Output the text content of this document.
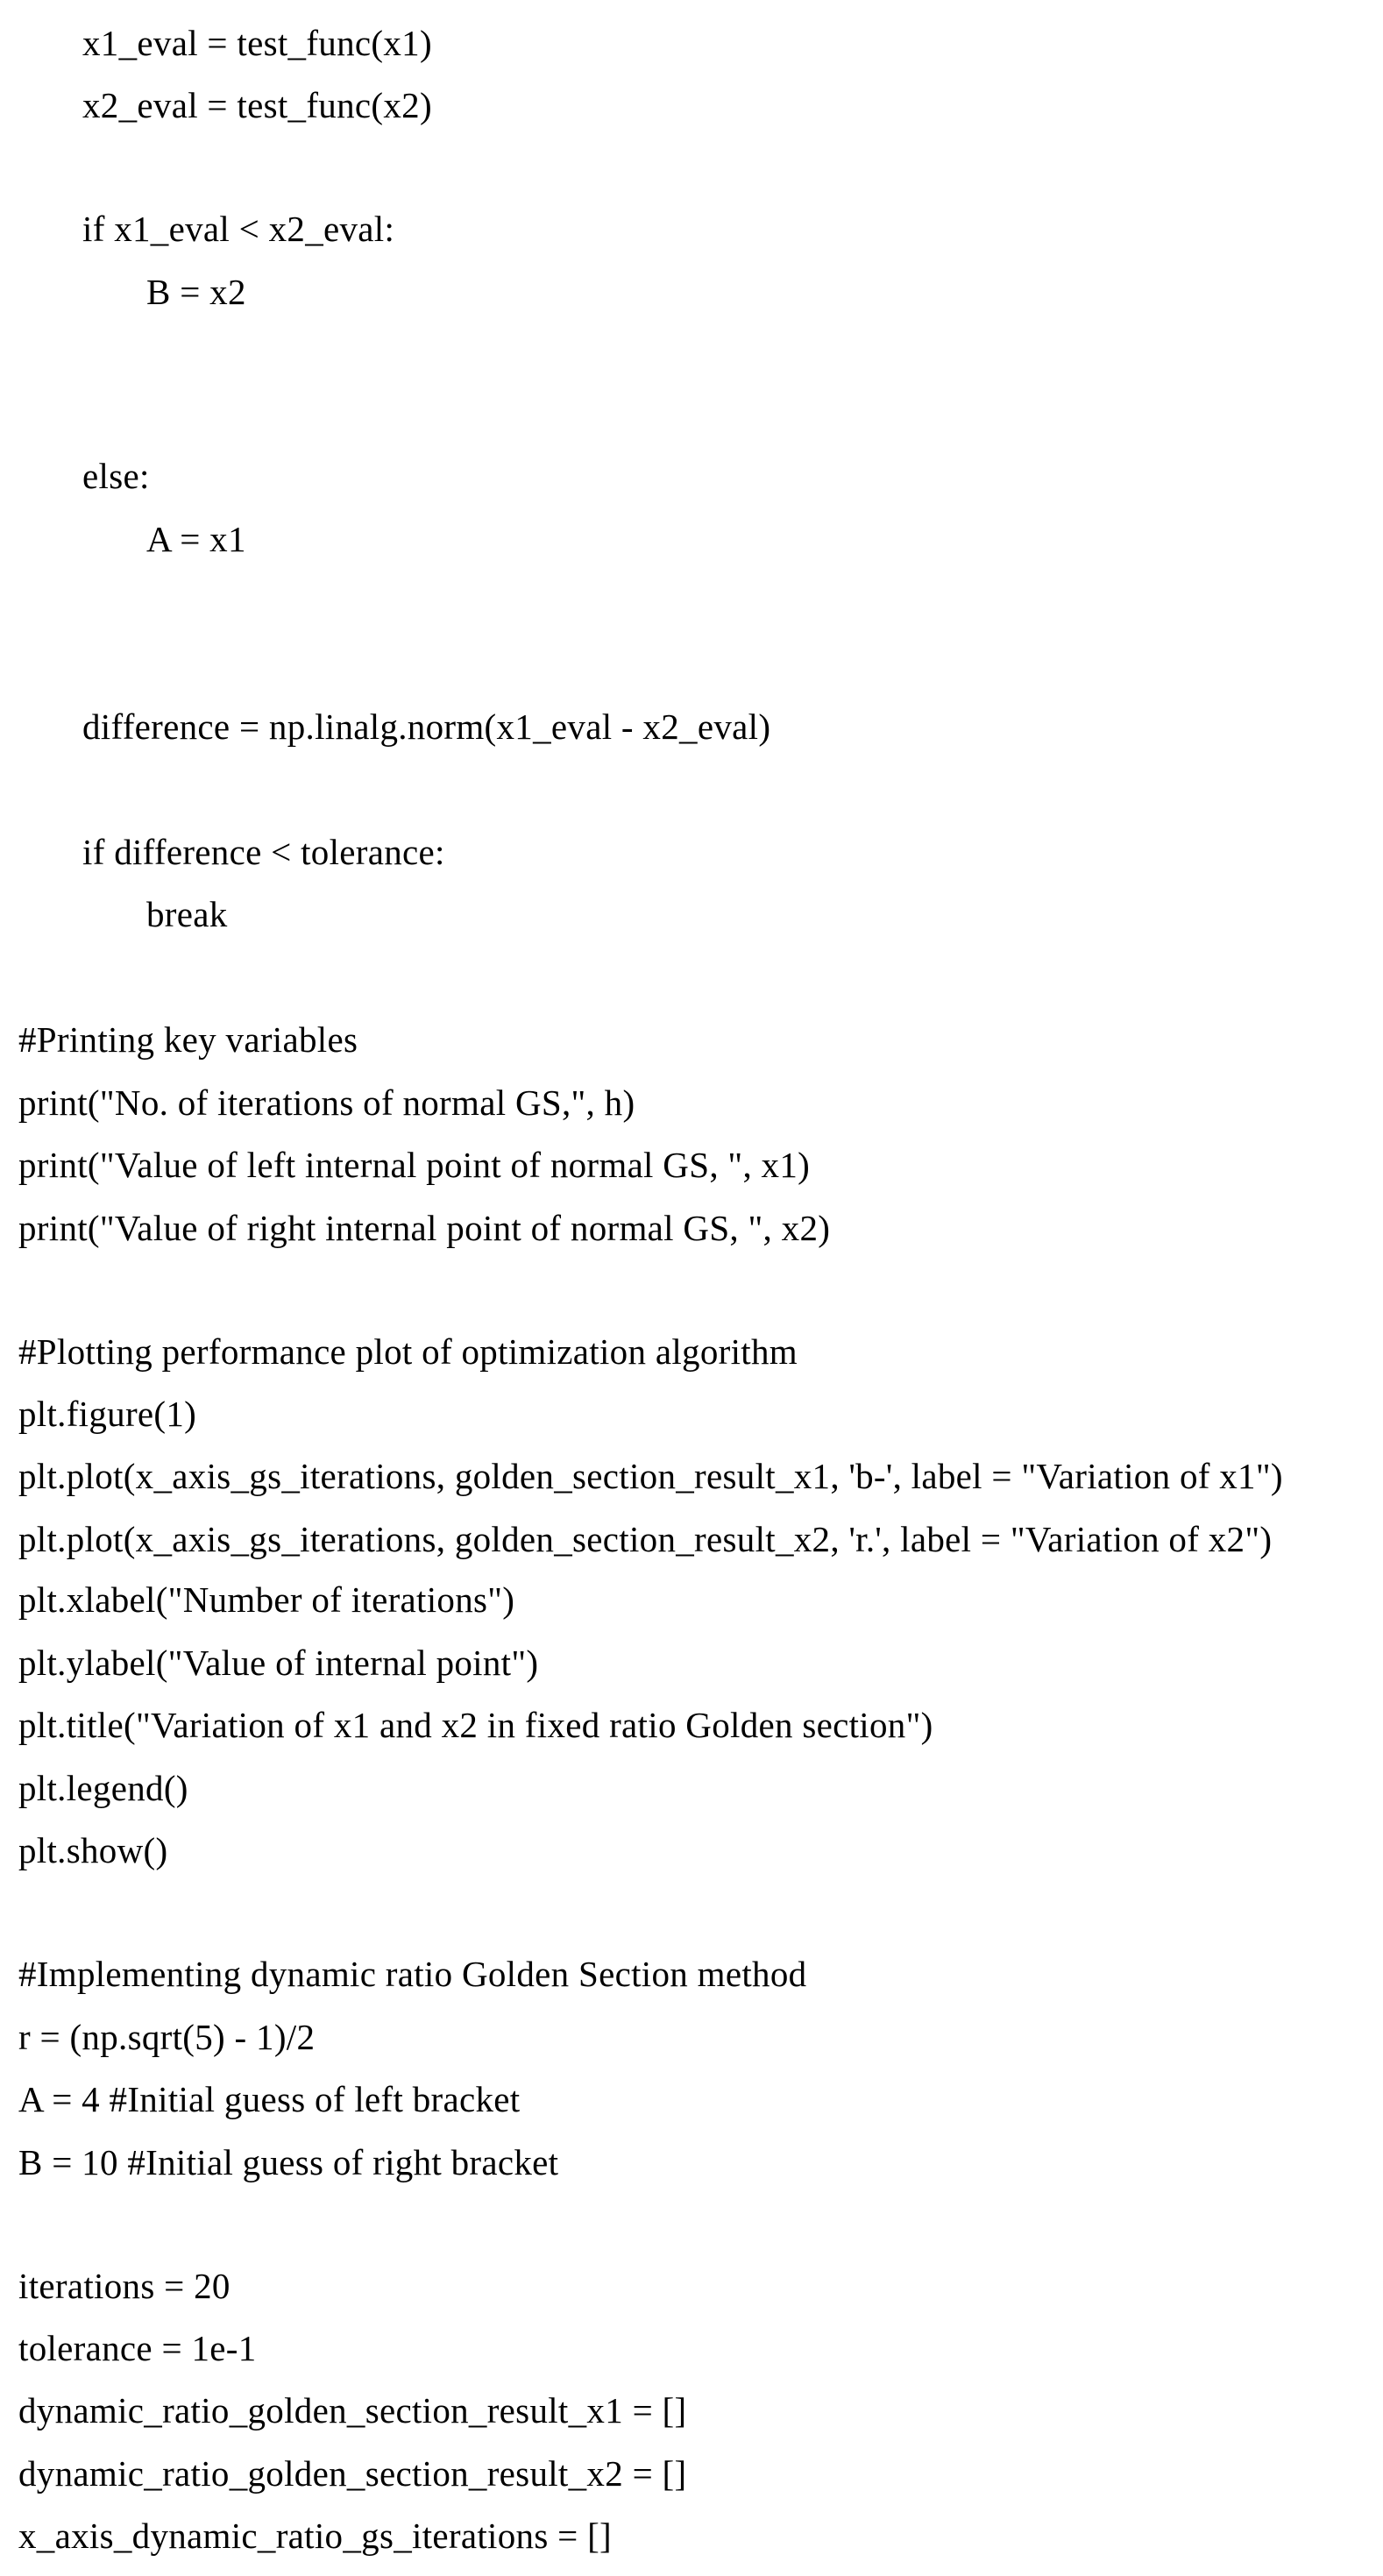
x1_eval = test_func(x1)
x2_eval = test_func(x2)
if x1_eval < x2_eval:
B = x2
else:
A = x1
difference = np.linalg.norm(x1_eval - x2_eval)
if difference < tolerance:
break
#Printing key variables
print("No. of iterations of normal GS,", h)
print("Value of left internal point of normal GS, ", x1)
print("Value of right internal point of normal GS, ", x2)
#Plotting performance plot of optimization algorithm
plt.figure(1)
plt.plot(x_axis_gs_iterations, golden_section_result_x1, 'b-', label = "Variation of x1")
plt.plot(x_axis_gs_iterations, golden_section_result_x2, 'r.', label = "Variation of x2")
plt.xlabel("Number of iterations")
plt.ylabel("Value of internal point")
plt.title("Variation of x1 and x2 in fixed ratio Golden section")
plt.legend()
plt.show()
#Implementing dynamic ratio Golden Section method
r = (np.sqrt(5) - 1)/2
A = 4 #Initial guess of left bracket
B = 10 #Initial guess of right bracket
iterations = 20
tolerance = 1e-1
dynamic_ratio_golden_section_result_x1 = []
dynamic_ratio_golden_section_result_x2 = []
x_axis_dynamic_ratio_gs_iterations = []
